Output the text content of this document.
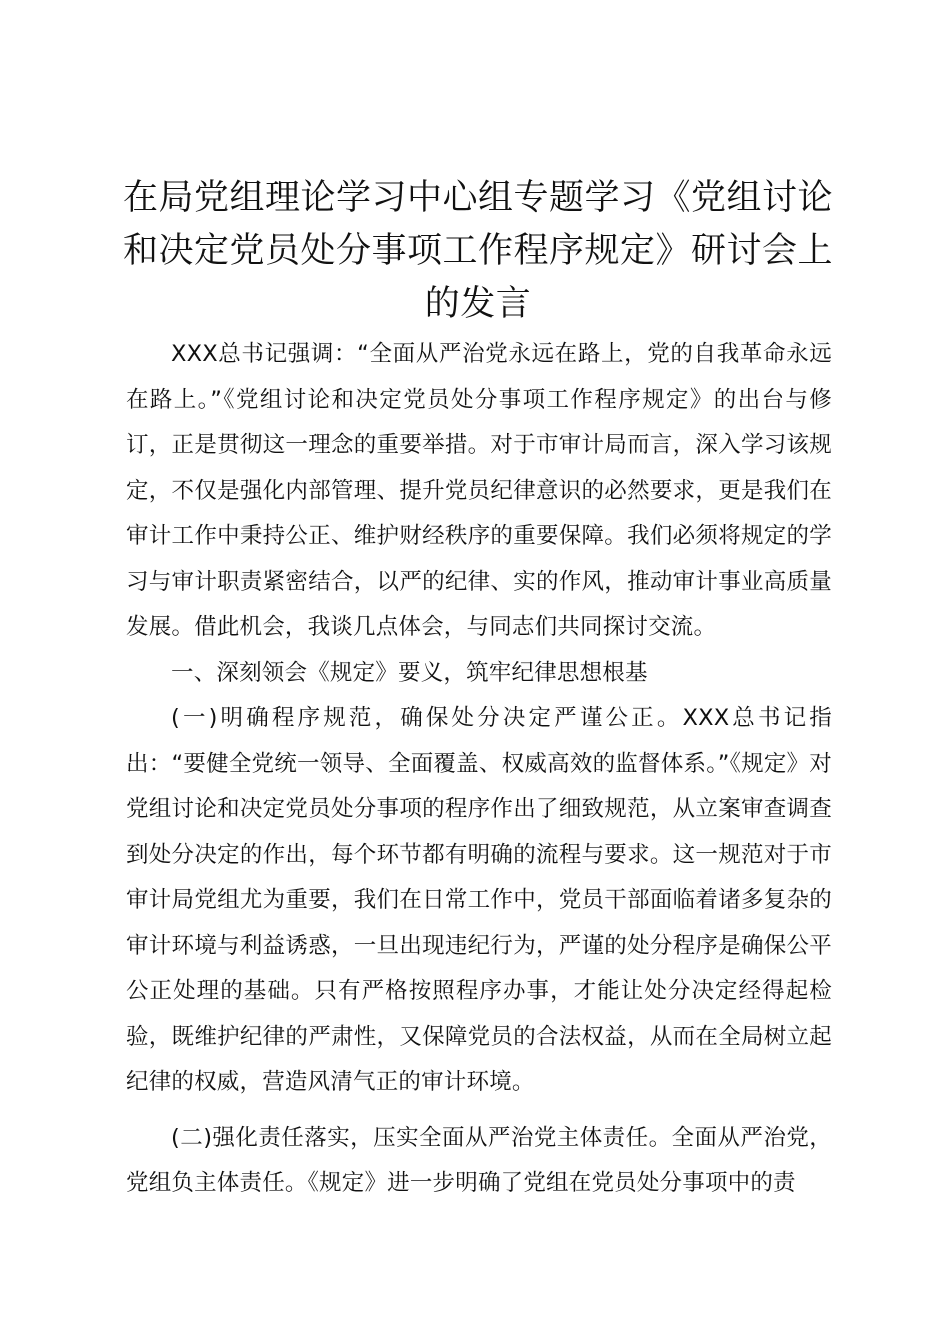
在局党组理论学习中心组专题学习《党组讨论和决定党员处分事项工作程序规定》研讨会上的发言

XXX总书记强调：“全面从严治党永远在路上，党的自我革命永远在路上。”《党组讨论和决定党员处分事项工作程序规定》的出台与修订，正是贯彻这一理念的重要举措。对于市审计局而言，深入学习该规定，不仅是强化内部管理、提升党员纪律意识的必然要求，更是我们在审计工作中秉持公正、维护财经秩序的重要保障。我们必须将规定的学习与审计职责紧密结合，以严的纪律、实的作风，推动审计事业高质量发展。借此机会，我谈几点体会，与同志们共同探讨交流。

一、深刻领会《规定》要义，筑牢纪律思想根基

(一)明确程序规范，确保处分决定严谨公正。XXX总书记指出：“要健全党统一领导、全面覆盖、权威高效的监督体系。”《规定》对党组讨论和决定党员处分事项的程序作出了细致规范，从立案审查调查到处分决定的作出，每个环节都有明确的流程与要求。这一规范对于市审计局党组尤为重要，我们在日常工作中，党员干部面临着诸多复杂的审计环境与利益诱惑，一旦出现违纪行为，严谨的处分程序是确保公平公正处理的基础。只有严格按照程序办事，才能让处分决定经得起检验，既维护纪律的严肃性，又保障党员的合法权益，从而在全局树立起纪律的权威，营造风清气正的审计环境。

(二)强化责任落实，压实全面从严治党主体责任。全面从严治党，党组负主体责任。《规定》进一步明确了党组在党员处分事项中的责
